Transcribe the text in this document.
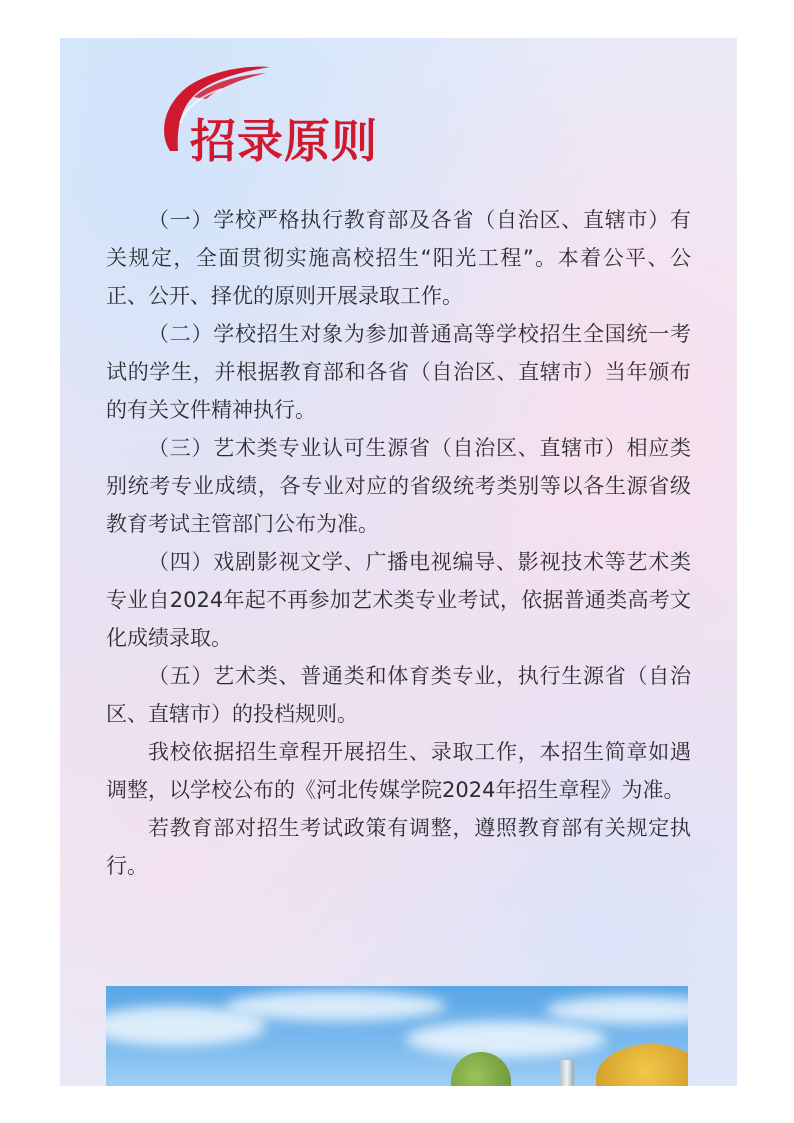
招录原则

（一）学校严格执行教育部及各省（自治区、直辖市）有关规定，全面贯彻实施高校招生“阳光工程”。本着公平、公正、公开、择优的原则开展录取工作。

（二）学校招生对象为参加普通高等学校招生全国统一考试的学生，并根据教育部和各省（自治区、直辖市）当年颁布的有关文件精神执行。

（三）艺术类专业认可生源省（自治区、直辖市）相应类别统考专业成绩，各专业对应的省级统考类别等以各生源省级教育考试主管部门公布为准。

（四）戏剧影视文学、广播电视编导、影视技术等艺术类专业自2024年起不再参加艺术类专业考试，依据普通类高考文化成绩录取。

（五）艺术类、普通类和体育类专业，执行生源省（自治区、直辖市）的投档规则。

我校依据招生章程开展招生、录取工作，本招生简章如遇调整，以学校公布的《河北传媒学院2024年招生章程》为准。

若教育部对招生考试政策有调整，遵照教育部有关规定执行。
